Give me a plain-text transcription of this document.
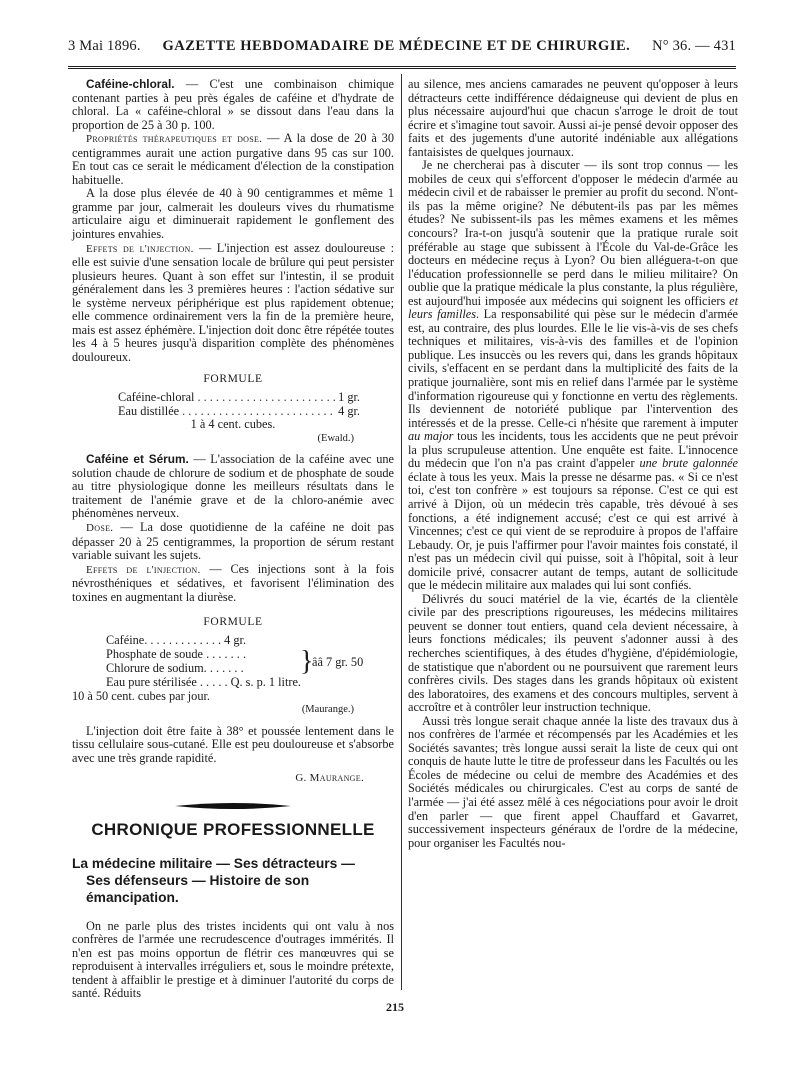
3 Mai 1896. GAZETTE HEBDOMADAIRE DE MÉDECINE ET DE CHIRURGIE. N° 36. — 431

Caféine-chloral. — C'est une combinaison chimique contenant parties à peu près égales de caféine et d'hydrate de chloral. La « caféine-chloral » se dissout dans l'eau dans la proportion de 25 à 30 p. 100.

Propriétés thérapeutiques et dose. — A la dose de 20 à 30 centigrammes aurait une action purgative dans 95 cas sur 100. En tout cas ce serait le médicament d'élection de la constipation habituelle.

A la dose plus élevée de 40 à 90 centigrammes et même 1 gramme par jour, calmerait les douleurs vives du rhumatisme articulaire aigu et diminuerait rapidement le gonflement des jointures envahies.

Effets de l'injection. — L'injection est assez douloureuse : elle est suivie d'une sensation locale de brûlure qui peut persister plusieurs heures. Quant à son effet sur l'intestin, il se produit généralement dans les 3 premières heures : l'action sédative sur le système nerveux périphérique est plus rapidement obtenue; elle commence ordinairement vers la fin de la première heure, mais est assez éphémère. L'injection doit donc être répétée toutes les 4 à 5 heures jusqu'à disparition complète des phénomènes douloureux.

FORMULE
Caféine-chloral . . .	1 gr.
Eau distillée . . .	4 gr.
1 à 4 cent. cubes.
(Ewald.)

Caféine et Sérum. — L'association de la caféine avec une solution chaude de chlorure de sodium et de phosphate de soude au titre physiologique donne les meilleurs résultats dans le traitement de l'anémie grave et de la chloro-anémie avec phénomènes nerveux.

Dose. — La dose quotidienne de la caféine ne doit pas dépasser 20 à 25 centigrammes, la proportion de sérum restant variable suivant les sujets.

Effets de l'injection. — Ces injections sont à la fois névrosthéniques et sédatives, et favorisent l'élimination des toxines en augmentant la diurèse.

FORMULE
Caféine. . . . . . . . . . . . . 4 gr.
Phosphate de soude . . . . . . .
Chlorure de sodium. . . . . . .
Eau pure stérilisée . . . . . Q. s. p. 1 litre.
}
ââ 7 gr. 50
10 à 50 cent. cubes par jour.
(Maurange.)

L'injection doit être faite à 38° et poussée lentement dans le tissu cellulaire sous-cutané. Elle est peu douloureuse et s'absorbe avec une très grande rapidité.

G. Maurange.
CHRONIQUE PROFESSIONNELLE
La médecine militaire — Ses détracteurs —
Ses défenseurs — Histoire de son émancipation.

On ne parle plus des tristes incidents qui ont valu à nos confrères de l'armée une recrudescence d'outrages immérités. Il n'en est pas moins opportun de flétrir ces manœuvres qui se reproduisent à intervalles irréguliers et, sous le moindre prétexte, tendent à affaiblir le prestige et à diminuer l'autorité du corps de santé. Réduits

au silence, mes anciens camarades ne peuvent qu'opposer à leurs détracteurs cette indifférence dédaigneuse qui devient de plus en plus nécessaire aujourd'hui que chacun s'arroge le droit de tout écrire et s'imagine tout savoir. Aussi ai-je pensé devoir opposer des faits et des jugements d'une autorité indéniable aux allégations fantaisistes de quelques journaux.

Je ne chercherai pas à discuter — ils sont trop connus — les mobiles de ceux qui s'efforcent d'opposer le médecin d'armée au médecin civil et de rabaisser le premier au profit du second. N'ont-ils pas la même origine? Ne débutent-ils pas par les mêmes études? Ne subissent-ils pas les mêmes examens et les mêmes concours? Ira-t-on jusqu'à soutenir que la pratique rurale soit préférable au stage que subissent à l'École du Val-de-Grâce les docteurs en médecine reçus à Lyon? Ou bien alléguera-t-on que l'éducation professionnelle se perd dans le milieu militaire? On oublie que la pratique médicale la plus constante, la plus régulière, est aujourd'hui imposée aux médecins qui soignent les officiers et leurs familles. La responsabilité qui pèse sur le médecin d'armée est, au contraire, des plus lourdes. Elle le lie vis-à-vis de ses chefs techniques et militaires, vis-à-vis des familles et de l'opinion publique. Les insuccès ou les revers qui, dans les grands hôpitaux civils, s'effacent en se perdant dans la multiplicité des faits de la pratique journalière, sont mis en relief dans l'armée par le système d'information rigoureuse qui y fonctionne en vertu des règlements. Ils deviennent de notoriété publique par l'intervention des intéressés et de la presse. Celle-ci n'hésite que rarement à imputer au major tous les incidents, tous les accidents que ne peut prévoir la plus scrupuleuse attention. Une enquête est faite. L'innocence du médecin que l'on n'a pas craint d'appeler une brute galonnée éclate à tous les yeux. Mais la presse ne désarme pas. « Si ce n'est toi, c'est ton confrère » est toujours sa réponse. C'est ce qui est arrivé à Dijon, où un médecin très capable, très dévoué à ses fonctions, a été indignement accusé; c'est ce qui est arrivé à Vincennes; c'est ce qui vient de se reproduire à propos de l'affaire Lebaudy. Or, je puis l'affirmer pour l'avoir maintes fois constaté, il n'est pas un médecin civil qui puisse, soit à l'hôpital, soit à leur domicile privé, consacrer autant de temps, autant de sollicitude que le médecin militaire aux malades qui lui sont confiés.

Délivrés du souci matériel de la vie, écartés de la clientèle civile par des prescriptions rigoureuses, les médecins militaires peuvent se donner tout entiers, quand cela devient nécessaire, à leurs fonctions médicales; ils peuvent s'adonner aussi à des recherches scientifiques, à des études d'hygiène, d'épidémiologie, de statistique que n'abordent ou ne poursuivent que rarement leurs confrères civils. Des stages dans les grands hôpitaux où existent des laboratoires, des examens et des concours multiples, servent à accroître et à contrôler leur instruction technique.

Aussi très longue serait chaque année la liste des travaux dus à nos confrères de l'armée et récompensés par les Académies et les Sociétés savantes; très longue aussi serait la liste de ceux qui ont conquis de haute lutte le titre de professeur dans les Facultés ou les Écoles de médecine ou celui de membre des Académies et des Sociétés médicales ou chirurgicales. C'est au corps de santé de l'armée — j'ai été assez mêlé à ces négociations pour avoir le droit d'en parler — que firent appel Chauffard et Gavarret, successivement inspecteurs généraux de l'ordre de la médecine, pour organiser les Facultés nou-

215
